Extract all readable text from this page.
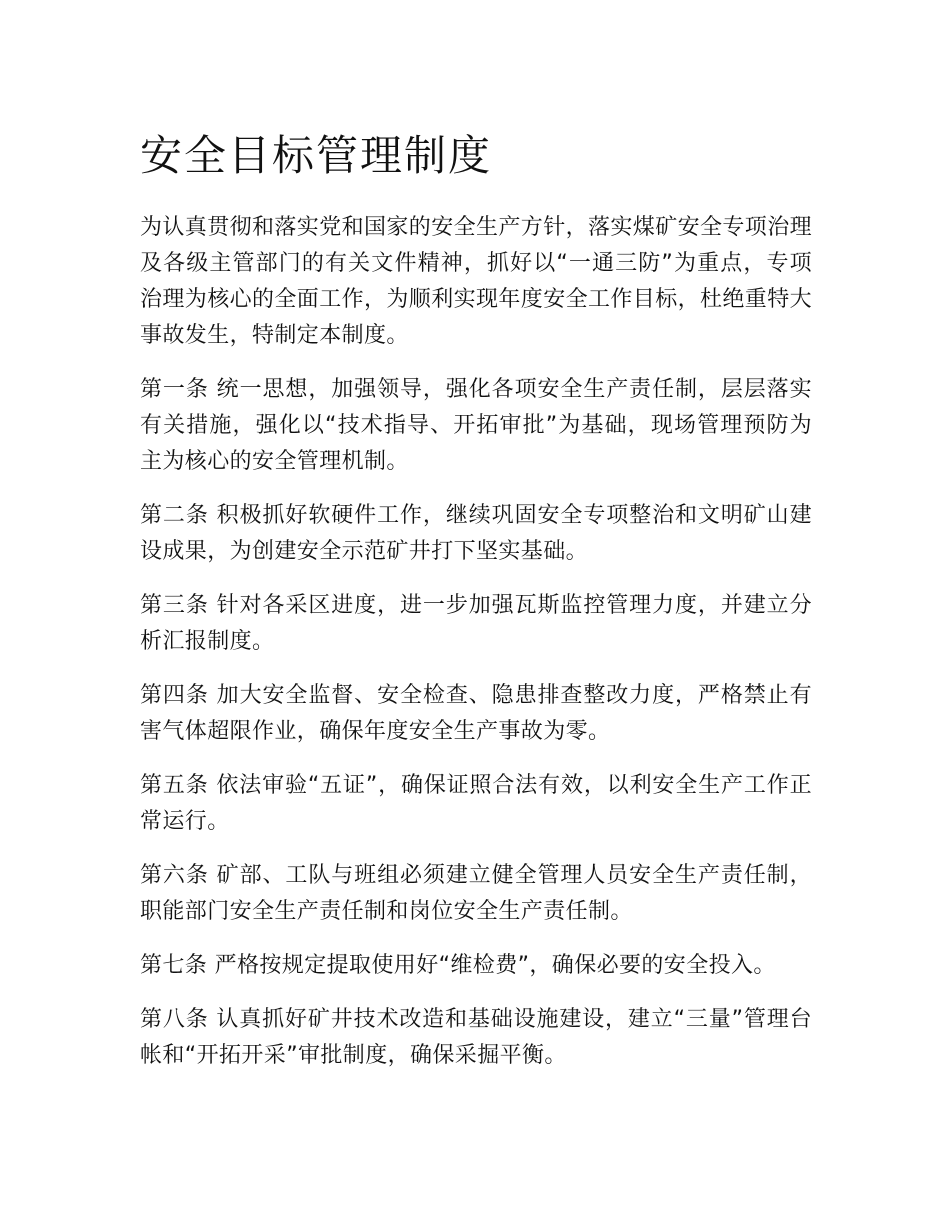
安全目标管理制度

为认真贯彻和落实党和国家的安全生产方针，落实煤矿安全专项治理及各级主管部门的有关文件精神，抓好以“一通三防”为重点，专项治理为核心的全面工作，为顺利实现年度安全工作目标，杜绝重特大事故发生，特制定本制度。

第一条 统一思想，加强领导，强化各项安全生产责任制，层层落实有关措施，强化以“技术指导、开拓审批”为基础，现场管理预防为主为核心的安全管理机制。

第二条 积极抓好软硬件工作，继续巩固安全专项整治和文明矿山建设成果，为创建安全示范矿井打下坚实基础。

第三条 针对各采区进度，进一步加强瓦斯监控管理力度，并建立分析汇报制度。

第四条 加大安全监督、安全检查、隐患排查整改力度，严格禁止有害气体超限作业，确保年度安全生产事故为零。

第五条 依法审验“五证”，确保证照合法有效，以利安全生产工作正常运行。

第六条 矿部、工队与班组必须建立健全管理人员安全生产责任制，职能部门安全生产责任制和岗位安全生产责任制。

第七条 严格按规定提取使用好“维检费”，确保必要的安全投入。

第八条 认真抓好矿井技术改造和基础设施建设，建立“三量”管理台帐和“开拓开采”审批制度，确保采掘平衡。
